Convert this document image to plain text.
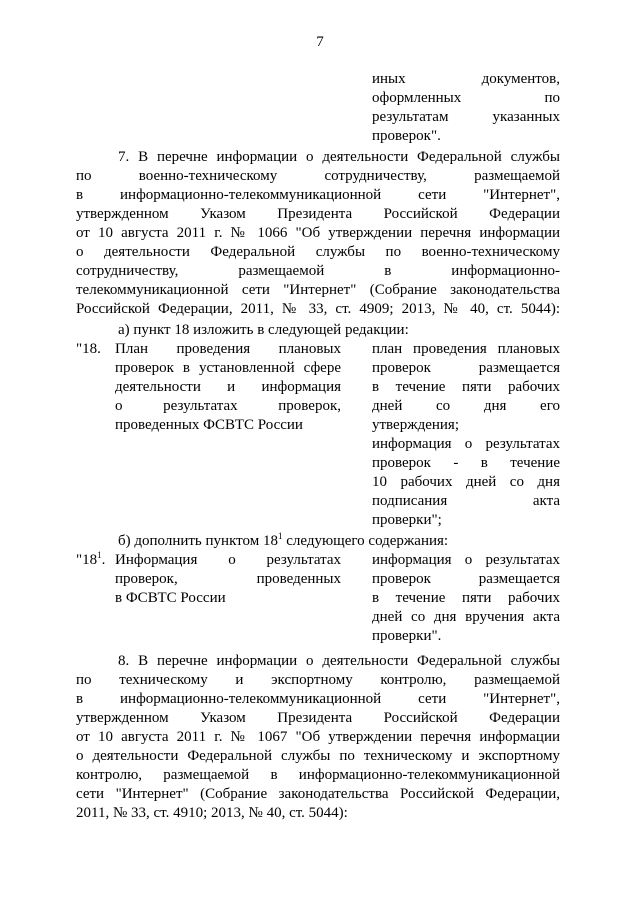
7
иных документов,
оформленных по
результатам указанных
проверок".
7. В перечне информации о деятельности Федеральной службы
по военно-техническому сотрудничеству, размещаемой
в информационно-телекоммуникационной сети "Интернет",
утвержденном Указом Президента Российской Федерации
от 10 августа 2011 г. № 1066 "Об утверждении перечня информации
о деятельности Федеральной службы по военно-техническому
сотрудничеству, размещаемой в информационно-
телекоммуникационной сети "Интернет" (Собрание законодательства
Российской Федерации, 2011, № 33, ст. 4909; 2013, № 40, ст. 5044):
а) пункт 18 изложить в следующей редакции:
"18. План проведения плановых
проверок в установленной сфере
деятельности и информация
о результатах проверок,
проведенных ФСВТС России
план проведения плановых
проверок размещается
в течение пяти рабочих
дней со дня его
утверждения;
информация о результатах
проверок - в течение
10 рабочих дней со дня
подписания акта
проверки";
б) дополнить пунктом $18^1$ следующего содержания:
"$18^1$. Информация о результатах
проверок, проведенных
в ФСВТС России
информация о результатах
проверок размещается
в течение пяти рабочих
дней со дня вручения акта
проверки".
8. В перечне информации о деятельности Федеральной службы
по техническому и экспортному контролю, размещаемой
в информационно-телекоммуникационной сети "Интернет",
утвержденном Указом Президента Российской Федерации
от 10 августа 2011 г. № 1067 "Об утверждении перечня информации
о деятельности Федеральной службы по техническому и экспортному
контролю, размещаемой в информационно-телекоммуникационной
сети "Интернет" (Собрание законодательства Российской Федерации,
2011, № 33, ст. 4910; 2013, № 40, ст. 5044):
